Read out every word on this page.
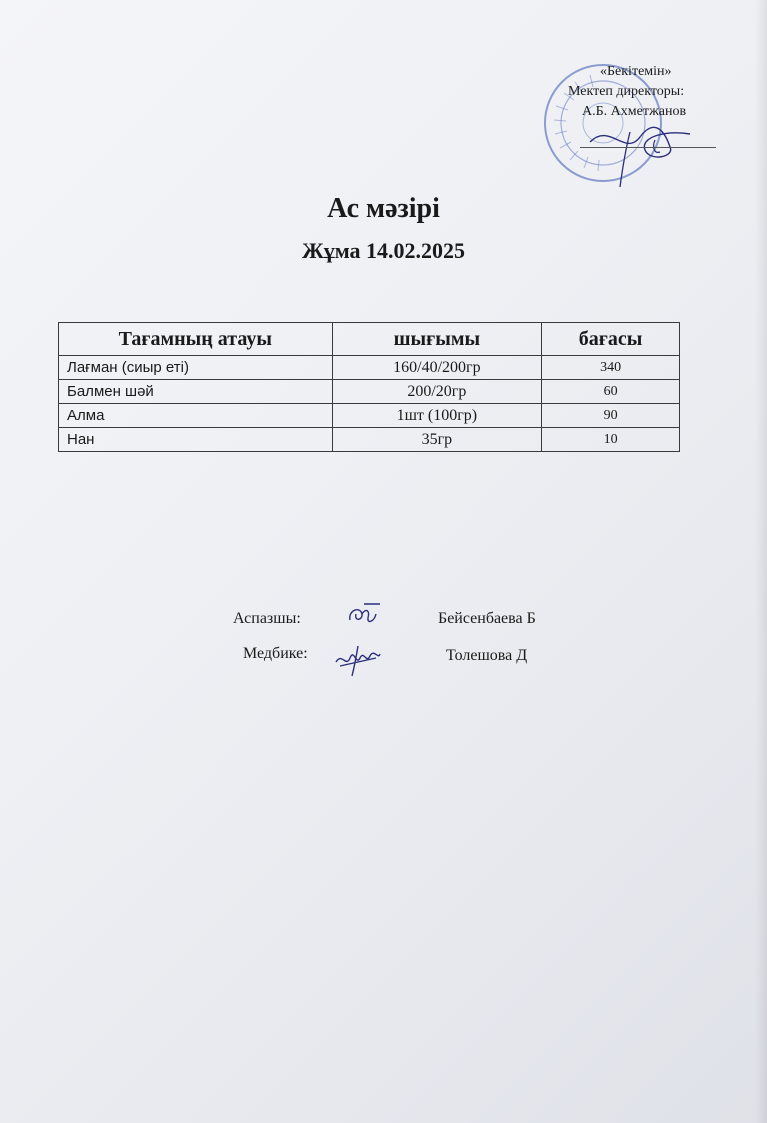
«Бекітемін»
Мектеп директоры:
А.Б. Ахметжанов
Ас мәзірі
Жұма 14.02.2025
Тағамның атауы	шығымы	бағасы
Лағман (сиыр еті)	160/40/200гр	340
Балмен шәй	200/20гр	60
Алма	1шт (100гр)	90
Нан	35гр	10
Аспазшы:	Бейсенбаева Б
Медбике:	Толешова Д
